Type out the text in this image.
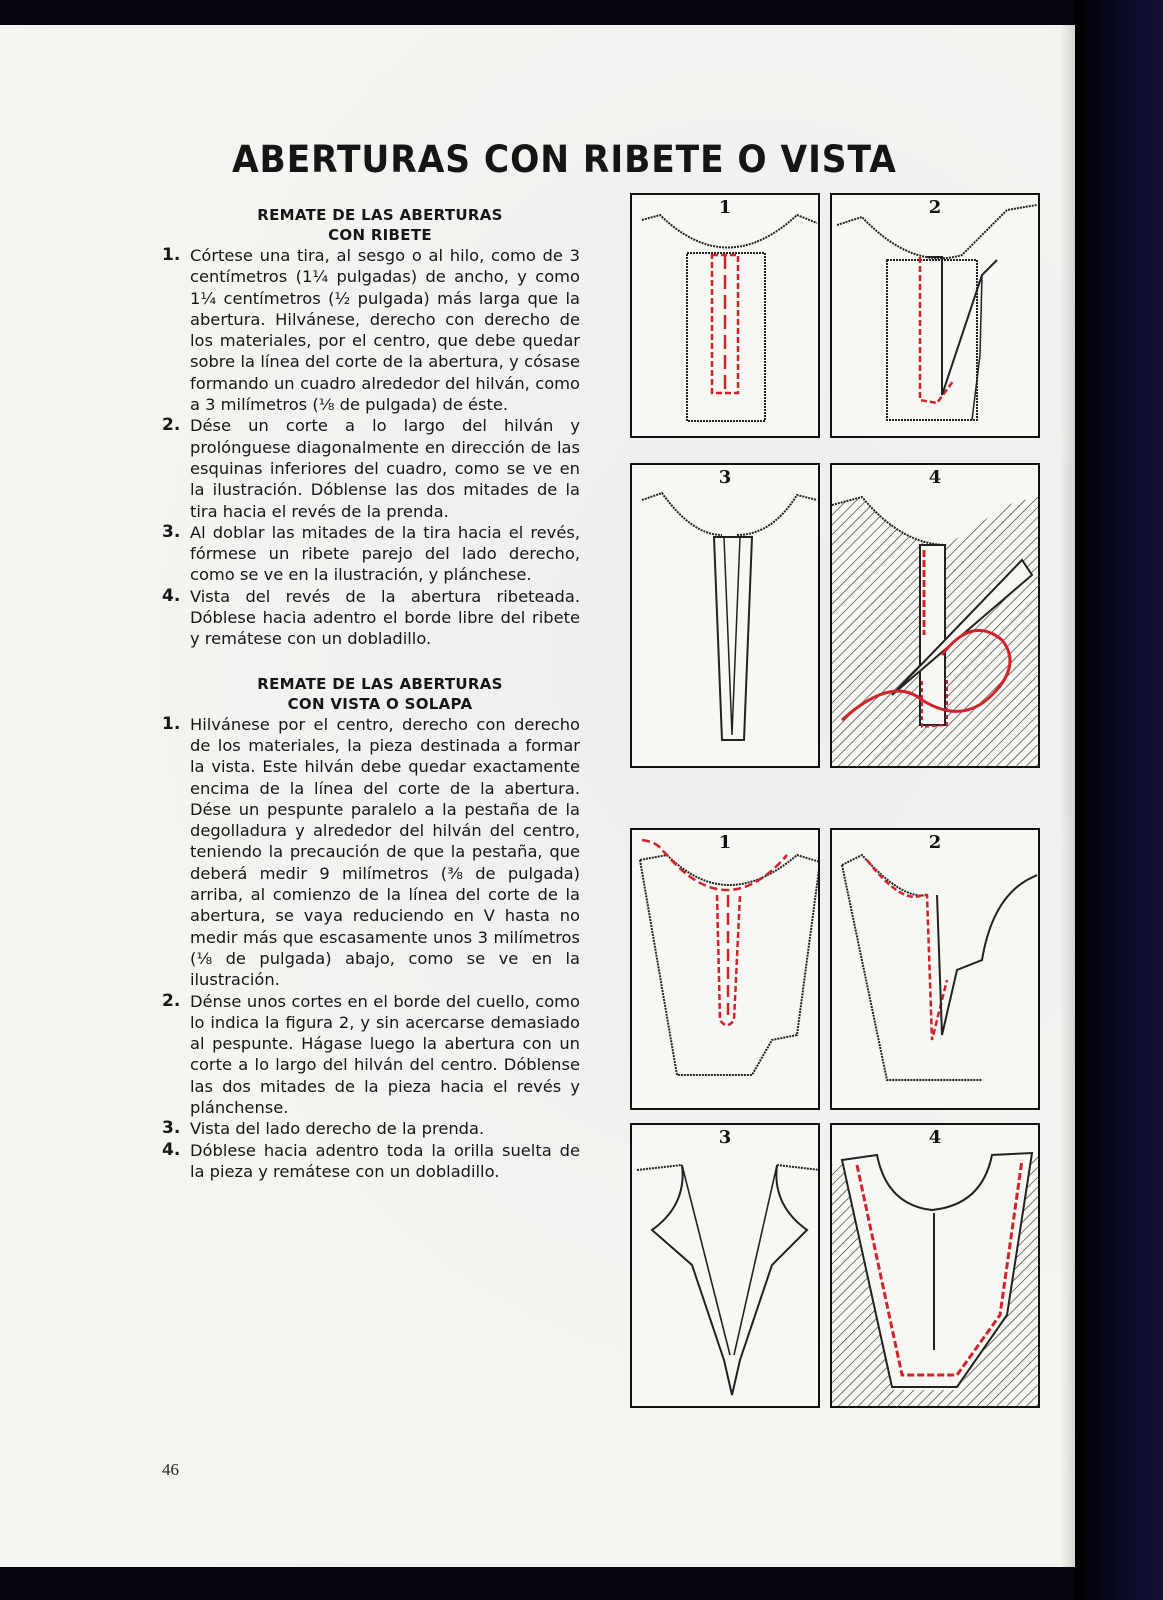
ABERTURAS CON RIBETE O VISTA
REMATE DE LAS ABERTURAS
CON RIBETE
1. Córtese una tira, al sesgo o al hilo, como de 3 centímetros (1¼ pulgadas) de ancho, y como 1¼ centímetros (½ pulgada) más larga que la abertura. Hilvánese, derecho con derecho de los materiales, por el centro, que debe quedar sobre la línea del corte de la abertura, y cósase formando un cuadro alrededor del hilván, como a 3 milímetros (⅛ de pulgada) de éste.
2. Dése un corte a lo largo del hilván y prolónguese diagonalmente en dirección de las esquinas inferiores del cuadro, como se ve en la ilustración. Dóblense las dos mitades de la tira hacia el revés de la prenda.
3. Al doblar las mitades de la tira hacia el revés, fórmese un ribete parejo del lado derecho, como se ve en la ilustración, y plánchese.
4. Vista del revés de la abertura ribeteada. Dóblese hacia adentro el borde libre del ribete y remátese con un dobladillo.
REMATE DE LAS ABERTURAS
CON VISTA O SOLAPA
1. Hilvánese por el centro, derecho con derecho de los materiales, la pieza destinada a formar la vista. Este hilván debe quedar exactamente encima de la línea del corte de la abertura. Dése un pespunte paralelo a la pestaña de la degolladura y alrededor del hilván del centro, teniendo la precaución de que la pestaña, que deberá medir 9 milímetros (⅜ de pulgada) arriba, al comienzo de la línea del corte de la abertura, se vaya reduciendo en V hasta no medir más que escasamente unos 3 milímetros (⅛ de pulgada) abajo, como se ve en la ilustración.
2. Dénse unos cortes en el borde del cuello, como lo indica la figura 2, y sin acercarse demasiado al pespunte. Hágase luego la abertura con un corte a lo largo del hilván del centro. Dóblense las dos mitades de la pieza hacia el revés y plánchense.
3. Vista del lado derecho de la prenda.
4. Dóblese hacia adentro toda la orilla suelta de la pieza y remátese con un dobladillo.
46
1	2
3	4
1	2
3	4
